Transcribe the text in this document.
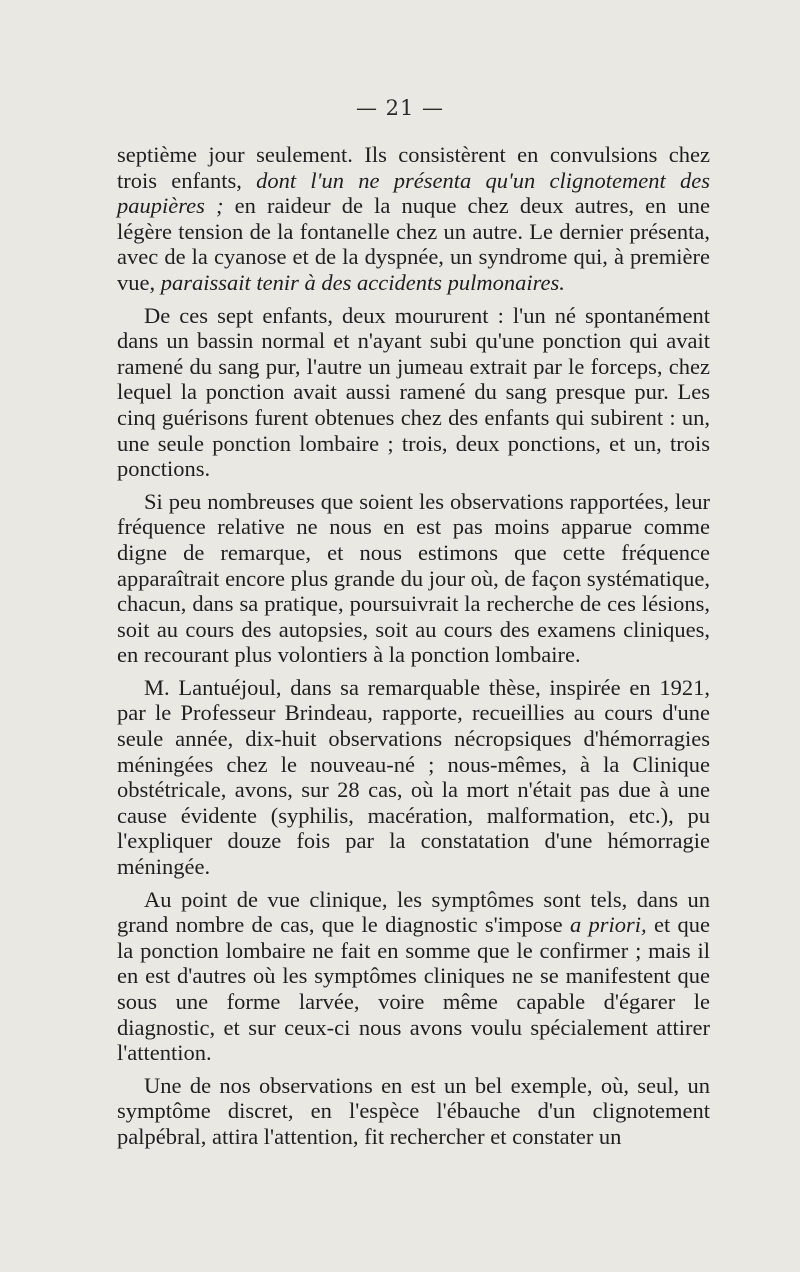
— 21 —

septième jour seulement. Ils consistèrent en convulsions chez trois enfants, dont l'un ne présenta qu'un clignotement des paupières ; en raideur de la nuque chez deux autres, en une légère tension de la fontanelle chez un autre. Le dernier présenta, avec de la cyanose et de la dyspnée, un syndrome qui, à première vue, paraissait tenir à des accidents pulmonaires.

De ces sept enfants, deux moururent : l'un né spontanément dans un bassin normal et n'ayant subi qu'une ponction qui avait ramené du sang pur, l'autre un jumeau extrait par le forceps, chez lequel la ponction avait aussi ramené du sang presque pur. Les cinq guérisons furent obtenues chez des enfants qui subirent : un, une seule ponction lombaire ; trois, deux ponctions, et un, trois ponctions.

Si peu nombreuses que soient les observations rapportées, leur fréquence relative ne nous en est pas moins apparue comme digne de remarque, et nous estimons que cette fréquence apparaîtrait encore plus grande du jour où, de façon systématique, chacun, dans sa pratique, poursuivrait la recherche de ces lésions, soit au cours des autopsies, soit au cours des examens cliniques, en recourant plus volontiers à la ponction lombaire.

M. Lantuéjoul, dans sa remarquable thèse, inspirée en 1921, par le Professeur Brindeau, rapporte, recueillies au cours d'une seule année, dix-huit observations nécropsiques d'hémorragies méningées chez le nouveau-né ; nous-mêmes, à la Clinique obstétricale, avons, sur 28 cas, où la mort n'était pas due à une cause évidente (syphilis, macération, malformation, etc.), pu l'expliquer douze fois par la constatation d'une hémorragie méningée.

Au point de vue clinique, les symptômes sont tels, dans un grand nombre de cas, que le diagnostic s'impose a priori, et que la ponction lombaire ne fait en somme que le confirmer ; mais il en est d'autres où les symptômes cliniques ne se manifestent que sous une forme larvée, voire même capable d'égarer le diagnostic, et sur ceux-ci nous avons voulu spécialement attirer l'attention.

Une de nos observations en est un bel exemple, où, seul, un symptôme discret, en l'espèce l'ébauche d'un clignotement palpébral, attira l'attention, fit rechercher et constater un
